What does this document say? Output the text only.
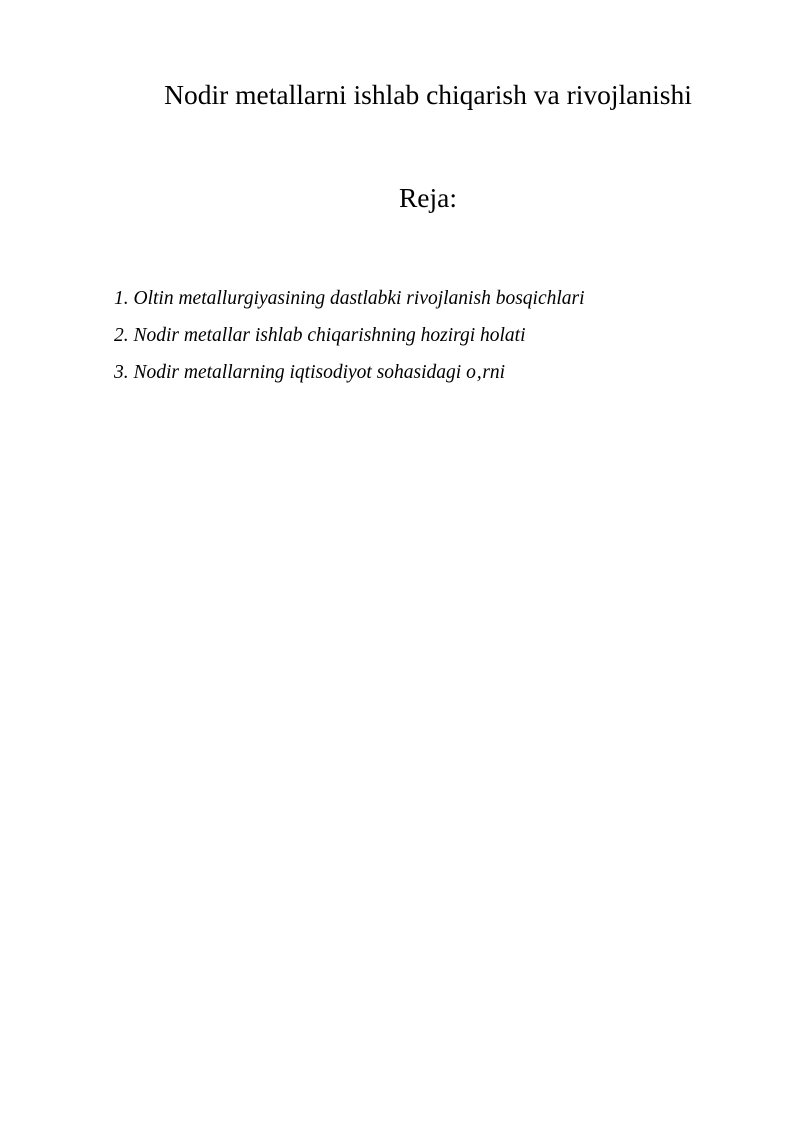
Nodir metallarni ishlab chiqarish va rivojlanishi
Reja:
1. Oltin metallurgiyasining dastlabki rivojlanish bosqichlari
2. Nodir metallar ishlab chiqarishning hozirgi holati
3. Nodir metallarning iqtisodiyot sohasidagi o‚rni
